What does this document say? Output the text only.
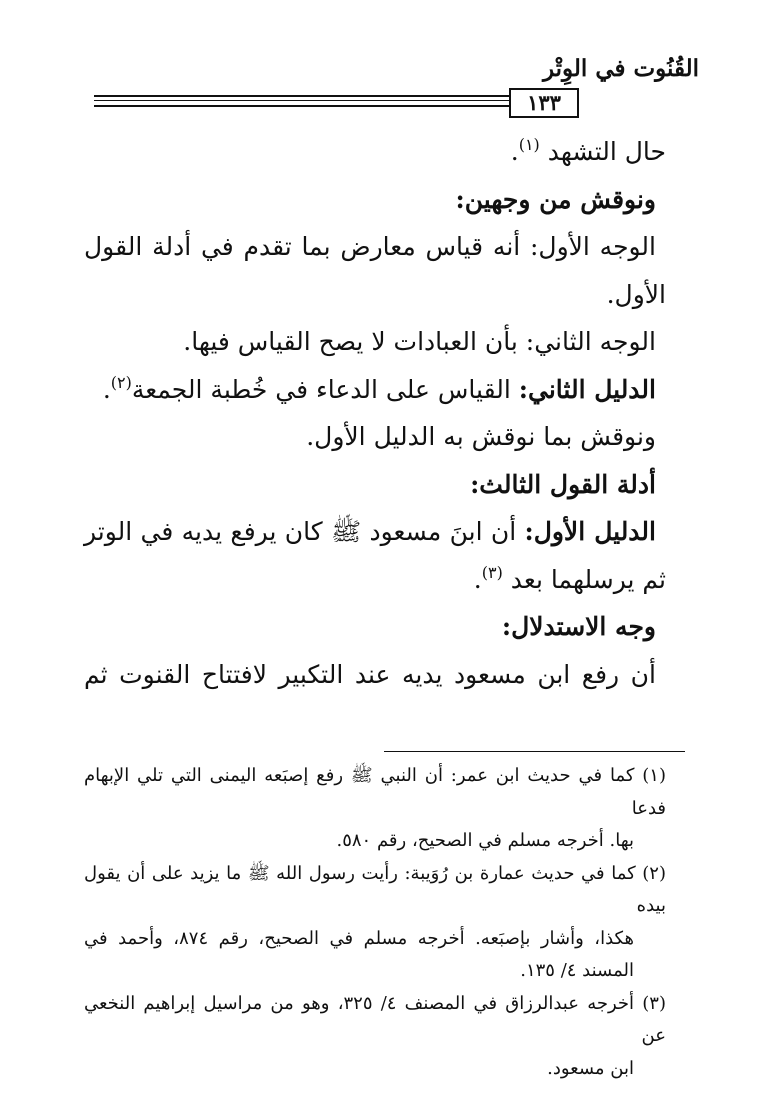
القُنُوت في الوِتْر
١٣٣
حال التشهد $^{(١)}$.
ونوقش من وجهين:
الوجه الأول: أنه قياس معارض بما تقدم في أدلة القول
الأول.
الوجه الثاني: بأن العبادات لا يصح القياس فيها.
الدليل الثاني: القياس على الدعاء في خُطبة الجمعة$^{(٢)}$.
ونوقش بما نوقش به الدليل الأول.
أدلة القول الثالث:
الدليل الأول: أن ابنَ مسعود ﷺ كان يرفع يديه في الوتر
ثم يرسلهما بعد $^{(٣)}$.
وجه الاستدلال:
أن رفع ابن مسعود يديه عند التكبير لافتتاح القنوت ثم
(١) كما في حديث ابن عمر: أن النبي ﷺ رفع إصبَعه اليمنى التي تلي الإبهام فدعا
بها. أخرجه مسلم في الصحيح، رقم ٥٨٠.
(٢) كما في حديث عمارة بن رُوَيبة: رأيت رسول الله ﷺ ما يزيد على أن يقول بيده
هكذا، وأشار بإصبَعه. أخرجه مسلم في الصحيح، رقم ٨٧٤، وأحمد في
المسند ٤/ ١٣٥.
(٣) أخرجه عبدالرزاق في المصنف ٤/ ٣٢٥، وهو من مراسيل إبراهيم النخعي عن
ابن مسعود.
